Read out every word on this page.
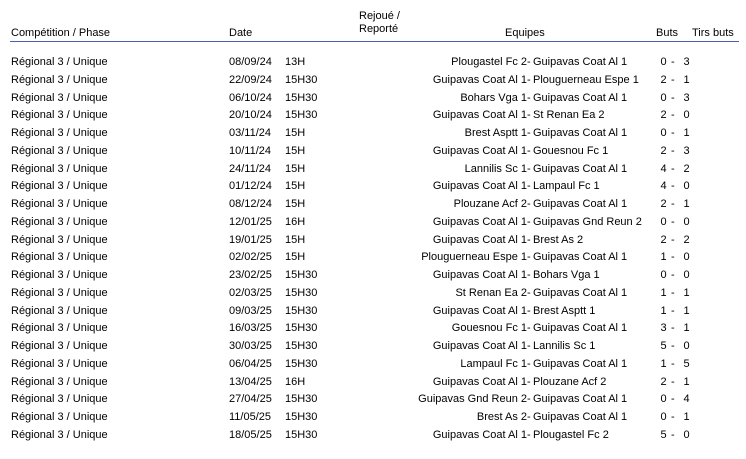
Compétition / Phase	Date
Rejoué /
Reporté	Equipes	Buts Tirs buts
Régional 3 / Unique	08/09/24 13H	Plougastel Fc 2 - Guipavas Coat Al 1	0 - 3
Régional 3 / Unique	22/09/24 15H30	Guipavas Coat Al 1 - Plouguerneau Espe 1 2 - 1
Régional 3 / Unique	06/10/24 15H30	Bohars Vga 1 - Guipavas Coat Al 1	0 - 3
Régional 3 / Unique	20/10/24 15H30	Guipavas Coat Al 1 - St Renan Ea 2	2 - 0
Régional 3 / Unique	03/11/24 15H	Brest Asptt 1 - Guipavas Coat Al 1	0 - 1
Régional 3 / Unique	10/11/24 15H	Guipavas Coat Al 1 - Gouesnou Fc 1	2 - 3
Régional 3 / Unique	24/11/24 15H	Lannilis Sc 1 - Guipavas Coat Al 1	4 - 2
Régional 3 / Unique	01/12/24 15H	Guipavas Coat Al 1 - Lampaul Fc 1	4 - 0
Régional 3 / Unique	08/12/24 15H	Plouzane Acf 2 - Guipavas Coat Al 1	2 - 1
Régional 3 / Unique	12/01/25 16H	Guipavas Coat Al 1 - Guipavas Gnd Reun 2 0 - 0
Régional 3 / Unique	19/01/25 15H	Guipavas Coat Al 1 - Brest As 2	2 - 2
Régional 3 / Unique	02/02/25 15H	Plouguerneau Espe 1 - Guipavas Coat Al 1	1 - 0
Régional 3 / Unique	23/02/25 15H30	Guipavas Coat Al 1 - Bohars Vga 1	0 - 0
Régional 3 / Unique	02/03/25 15H30	St Renan Ea 2 - Guipavas Coat Al 1	1 - 1
Régional 3 / Unique	09/03/25 15H30	Guipavas Coat Al 1 - Brest Asptt 1	1 - 1
Régional 3 / Unique	16/03/25 15H30	Gouesnou Fc 1 - Guipavas Coat Al 1	3 - 1
Régional 3 / Unique	30/03/25 15H30	Guipavas Coat Al 1 - Lannilis Sc 1	5 - 0
Régional 3 / Unique	06/04/25 15H30	Lampaul Fc 1 - Guipavas Coat Al 1	1 - 5
Régional 3 / Unique	13/04/25 16H	Guipavas Coat Al 1 - Plouzane Acf 2	2 - 1
Régional 3 / Unique	27/04/25 15H30	Guipavas Gnd Reun 2 - Guipavas Coat Al 1	0 - 4
Régional 3 / Unique	11/05/25 15H30	Brest As 2 - Guipavas Coat Al 1	0 - 1
Régional 3 / Unique	18/05/25 15H30	Guipavas Coat Al 1 - Plougastel Fc 2	5 - 0
